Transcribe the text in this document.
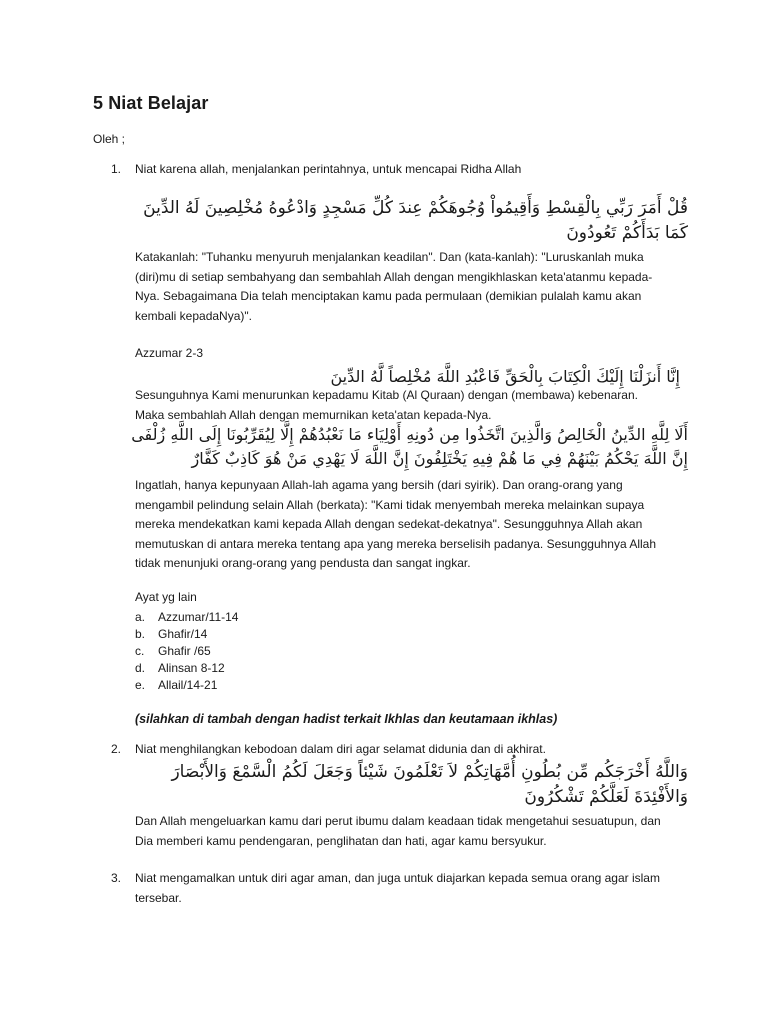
5 Niat Belajar
Oleh ;
1. Niat karena allah, menjalankan perintahnya, untuk mencapai Ridha Allah
قُلْ أَمَرَ رَبِّي بِالْقِسْطِ وَأَقِيمُواْ وُجُوهَكُمْ عِندَ كُلِّ مَسْجِدٍ وَادْعُوهُ مُخْلِصِينَ لَهُ الدِّينَ كَمَا بَدَأَكُمْ تَعُودُونَ
Katakanlah: "Tuhanku menyuruh menjalankan keadilan". Dan (kata-kanlah): "Luruskanlah muka (diri)mu di setiap sembahyang dan sembahlah Allah dengan mengikhlaskan keta'atanmu kepada-Nya. Sebagaimana Dia telah menciptakan kamu pada permulaan (demikian pulalah kamu akan kembali kepadaNya)".
Azzumar 2-3
إِنَّا أَنزَلْنَا إِلَيْكَ الْكِتَابَ بِالْحَقِّ فَاعْبُدِ اللَّهَ مُخْلِصاً لَّهُ الدِّينَ
Sesunguhnya Kami menurunkan kepadamu Kitab (Al Quraan) dengan (membawa) kebenaran. Maka sembahlah Allah dengan memurnikan keta'atan kepada-Nya.
أَلَا لِلَّهِ الدِّينُ الْخَالِصُ وَالَّذِينَ اتَّخَذُوا مِن دُونِهِ أَوْلِيَاء مَا نَعْبُدُهُمْ إِلَّا لِيُقَرِّبُونَا إِلَى اللَّهِ زُلْفَى إِنَّ اللَّهَ يَحْكُمُ بَيْنَهُمْ فِي مَا هُمْ فِيهِ يَخْتَلِفُونَ إِنَّ اللَّهَ لَا يَهْدِي مَنْ هُوَ كَاذِبٌ كَفَّارٌ
Ingatlah, hanya kepunyaan Allah-lah agama yang bersih (dari syirik). Dan orang-orang yang mengambil pelindung selain Allah (berkata): "Kami tidak menyembah mereka melainkan supaya mereka mendekatkan kami kepada Allah dengan sedekat-dekatnya". Sesungguhnya Allah akan memutuskan di antara mereka tentang apa yang mereka berselisih padanya. Sesungguhnya Allah tidak menunjuki orang-orang yang pendusta dan sangat ingkar.
Ayat yg lain
a. Azzumar/11-14
b. Ghafir/14
c. Ghafir /65
d. Alinsan 8-12
e. Allail/14-21
(silahkan di tambah dengan hadist terkait Ikhlas dan keutamaan ikhlas)
2. Niat menghilangkan kebodoan dalam diri agar selamat didunia dan di akhirat.
وَاللَّهُ أَخْرَجَكُم مِّن بُطُونِ أُمَّهَاتِكُمْ لاَ تَعْلَمُونَ شَيْئاً وَجَعَلَ لَكُمُ الْسَّمْعَ وَالأَبْصَارَ وَالأَفْئِدَةَ لَعَلَّكُمْ تَشْكُرُونَ
Dan Allah mengeluarkan kamu dari perut ibumu dalam keadaan tidak mengetahui sesuatupun, dan Dia memberi kamu pendengaran, penglihatan dan hati, agar kamu bersyukur.
3. Niat mengamalkan untuk diri agar aman, dan juga untuk diajarkan kepada semua orang agar islam tersebar.
